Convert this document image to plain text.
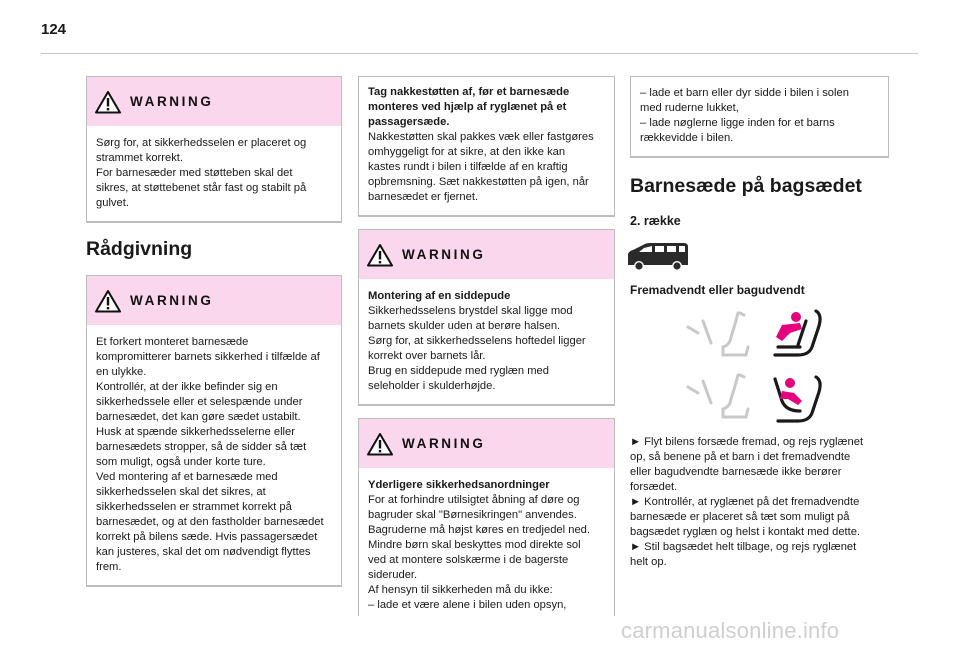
124
WARNING

Sørg for, at sikkerhedsselen er placeret og

strammet korrekt.

For barnesæder med støtteben skal det

sikres, at støttebenet står fast og stabilt på

gulvet.

Rådgivning
WARNING

Et forkert monteret barnesæde

kompromitterer barnets sikkerhed i tilfælde af

en ulykke.

Kontrollér, at der ikke befinder sig en

sikkerhedssele eller et selespænde under

barnesædet, det kan gøre sædet ustabilt.

Husk at spænde sikkerhedsselerne eller

barnesædets stropper, så de sidder så tæt

som muligt, også under korte ture.

Ved montering af et barnesæde med

sikkerhedsselen skal det sikres, at

sikkerhedsselen er strammet korrekt på

barnesædet, og at den fastholder barnesædet

korrekt på bilens sæde. Hvis passagersædet

kan justeres, skal det om nødvendigt flyttes

frem.

Tag nakkestøtten af, før et barnesæde

monteres ved hjælp af ryglænet på et

passagersæde.

Nakkestøtten skal pakkes væk eller fastgøres

omhyggeligt for at sikre, at den ikke kan

kastes rundt i bilen i tilfælde af en kraftig

opbremsning. Sæt nakkestøtten på igen, når

barnesædet er fjernet.

WARNING

Montering af en siddepude

Sikkerhedsselens brystdel skal ligge mod

barnets skulder uden at berøre halsen.

Sørg for, at sikkerhedsselens hoftedel ligger

korrekt over barnets lår.

Brug en siddepude med ryglæn med

seleholder i skulderhøjde.

WARNING

Yderligere sikkerhedsanordninger

For at forhindre utilsigtet åbning af døre og

bagruder skal "Børnesikringen" anvendes.

Bagruderne må højst køres en tredjedel ned.

Mindre børn skal beskyttes mod direkte sol

ved at montere solskærme i de bagerste

sideruder.

Af hensyn til sikkerheden må du ikke:

– lade et være alene i bilen uden opsyn,

– lade et barn eller dyr sidde i bilen i solen

med ruderne lukket,

– lade nøglerne ligge inden for et barns

rækkevidde i bilen.

Barnesæde på bagsædet
2. række
Fremadvendt eller bagudvendt

► Flyt bilens forsæde fremad, og rejs ryglænet

op, så benene på et barn i det fremadvendte

eller bagudvendte barnesæde ikke berører

forsædet.

► Kontrollér, at ryglænet på det fremadvendte

barnesæde er placeret så tæt som muligt på

bagsædet ryglæn og helst i kontakt med dette.

► Stil bagsædet helt tilbage, og rejs ryglænet

helt op.

carmanualsonline.info
